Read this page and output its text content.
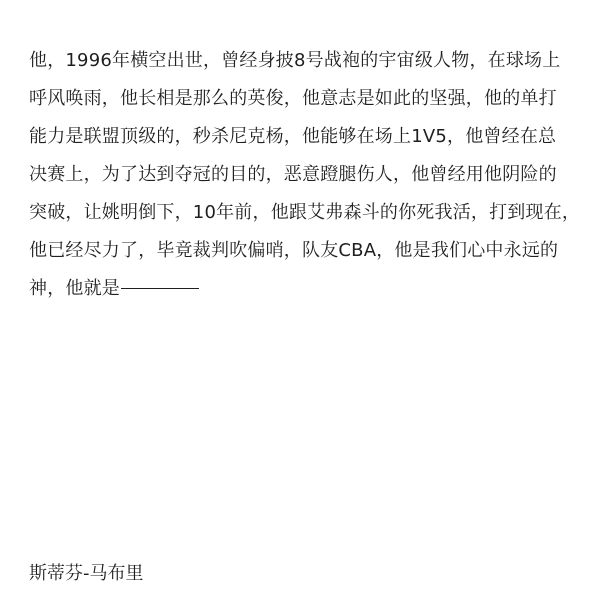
他，1996年横空出世，曾经身披8号战袍的宇宙级人物，在球场上
呼风唤雨，他长相是那么的英俊，他意志是如此的坚强，他的单打
能力是联盟顶级的，秒杀尼克杨，他能够在场上1V5，他曾经在总
决赛上，为了达到夺冠的目的，恶意蹬腿伤人，他曾经用他阴险的
突破，让姚明倒下，10年前，他跟艾弗森斗的你死我活，打到现在，
他已经尽力了，毕竟裁判吹偏哨，队友CBA，他是我们心中永远的
神，他就是
斯蒂芬-马布里
